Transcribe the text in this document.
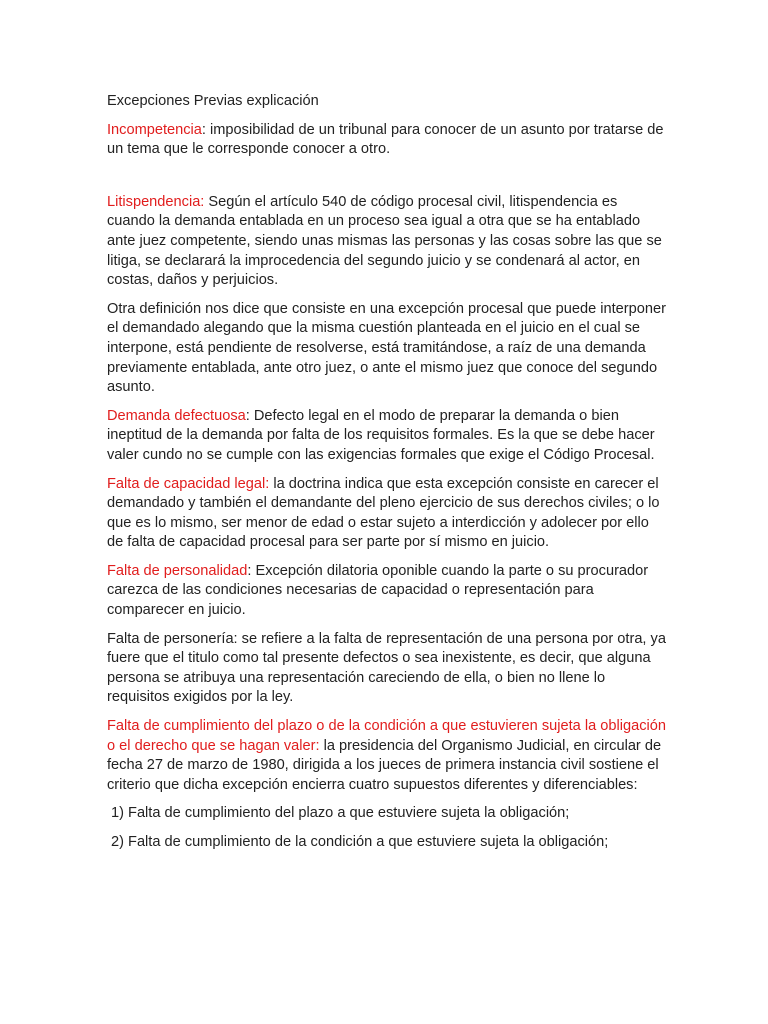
Excepciones Previas explicación
Incompetencia: imposibilidad de un tribunal para conocer de un asunto por tratarse de un tema que le corresponde conocer a otro.
Litispendencia: Según el artículo 540 de código procesal civil, litispendencia es cuando la demanda entablada en un proceso sea igual a otra que se ha entablado ante juez competente, siendo unas mismas las personas y las cosas sobre las que se litiga, se declarará la improcedencia del segundo juicio y se condenará al actor, en costas, daños y perjuicios.
Otra definición nos dice que consiste en una excepción procesal que puede interponer el demandado alegando que la misma cuestión planteada en el juicio en el cual se interpone, está pendiente de resolverse, está tramitándose, a raíz de una demanda previamente entablada, ante otro juez, o ante el mismo juez que conoce del segundo asunto.
Demanda defectuosa: Defecto legal en el modo de preparar la demanda o bien ineptitud de la demanda por falta de los requisitos formales. Es la que se debe hacer valer cundo no se cumple con las exigencias formales que exige el Código Procesal.
Falta de capacidad legal: la doctrina indica que esta excepción consiste en carecer el demandado y también el demandante del pleno ejercicio de sus derechos civiles; o lo que es lo mismo, ser menor de edad o estar sujeto a interdicción y adolecer por ello de falta de capacidad procesal para ser parte por sí mismo en juicio.
Falta de personalidad: Excepción dilatoria oponible cuando la parte o su procurador carezca de las condiciones necesarias de capacidad o representación para comparecer en juicio.
Falta de personería: se refiere a la falta de representación de una persona por otra, ya fuere que el titulo como tal presente defectos o sea inexistente, es decir, que alguna persona se atribuya una representación careciendo de ella, o bien no llene lo requisitos exigidos por la ley.
Falta de cumplimiento del plazo o de la condición a que estuvieren sujeta la obligación o el derecho que se hagan valer: la presidencia del Organismo Judicial, en circular de fecha 27 de marzo de 1980, dirigida a los jueces de primera instancia civil sostiene el criterio que dicha excepción encierra cuatro supuestos diferentes y diferenciables:
1) Falta de cumplimiento del plazo a que estuviere sujeta la obligación;
2) Falta de cumplimiento de la condición a que estuviere sujeta la obligación;
